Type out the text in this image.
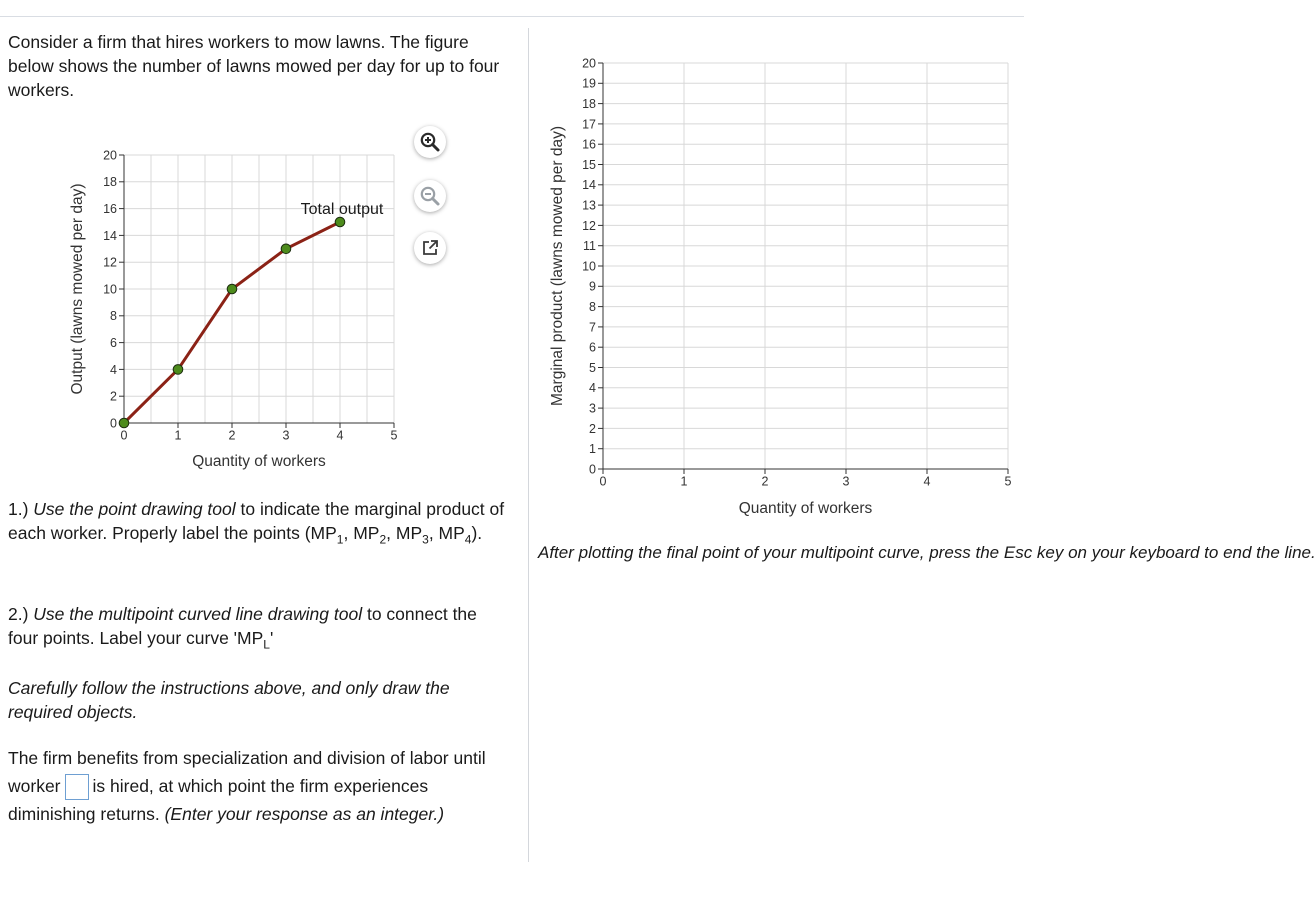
Consider a firm that hires workers to mow lawns. The figure below shows the number of lawns mowed per day for up to four workers.

1.) Use the point drawing tool to indicate the marginal product of each worker. Properly label the points ($MP_1$, $MP_2$, $MP_3$, $MP_4$).

2.) Use the multipoint curved line drawing tool to connect the four points. Label your curve '$MP_L$'

Carefully follow the instructions above, and only draw the required objects.

The firm benefits from specialization and division of labor until worker is hired, at which point the firm experiences diminishing returns. (Enter your response as an integer.)

0	1	2	3	4	5
0
2
4
6
8
10
12
14
16
18
20
Quantity of workers
Output (lawns mowed per day)	Total output
0	1	2	3	4	5
0
1
2
3
4
5
6
7
8
9
10
11
12
13
14
15
16
17
18
19
20
Quantity of workers
Marginal product (lawns mowed per day)
After plotting the final point of your multipoint curve, press the Esc key on your keyboard to end the line.
